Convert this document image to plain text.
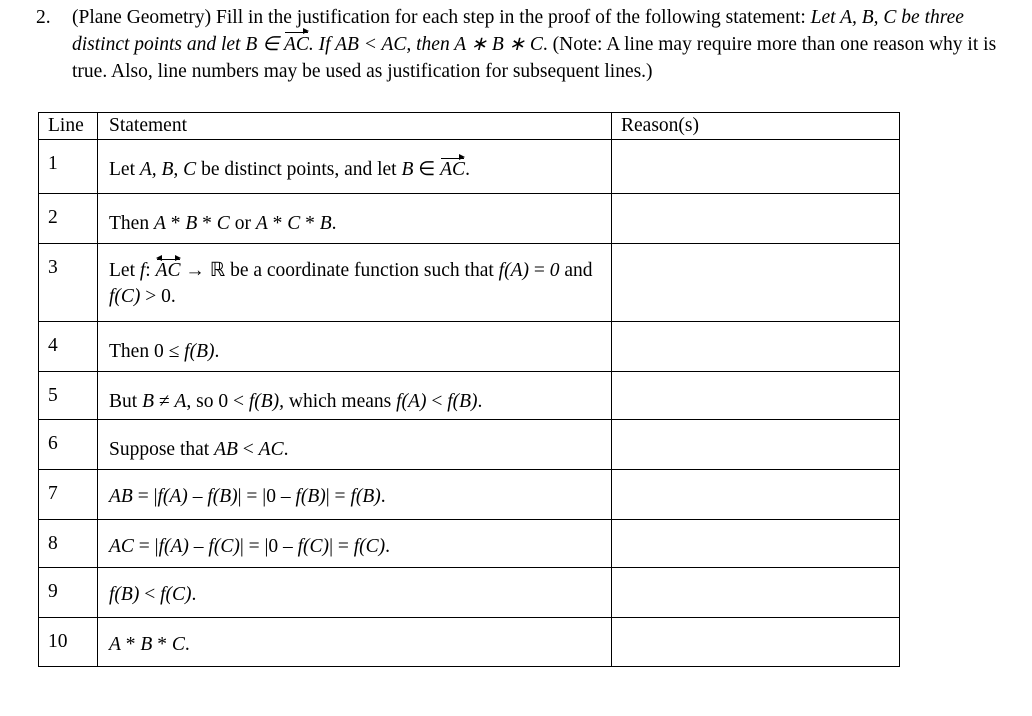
2. (Plane Geometry) Fill in the justification for each step in the proof of the following statement: Let A, B, C be three distinct points and let B ∈ AC. If AB < AC, then A ∗ B ∗ C. (Note: A line may require more than one reason why it is true. Also, line numbers may be used as justification for subsequent lines.)
Line	Statement	Reason(s)

1	Let A, B, C be distinct points, and let B ∈ AC.	

2	Then A * B * C or A * C * B.	

3	Let f: AC
→ ℝ be a coordinate function such that f(A) = 0 and f(C) > 0.	

4	Then 0 ≤ f(B).	

5	But B ≠ A, so 0 < f(B), which means f(A) < f(B).	

6	Suppose that AB < AC.	

7	AB = |f(A) – f(B)| = |0 – f(B)| = f(B).	

8	AC = |f(A) – f(C)| = |0 – f(C)| = f(C).	

9	f(B) < f(C).	

10	A * B * C.	
